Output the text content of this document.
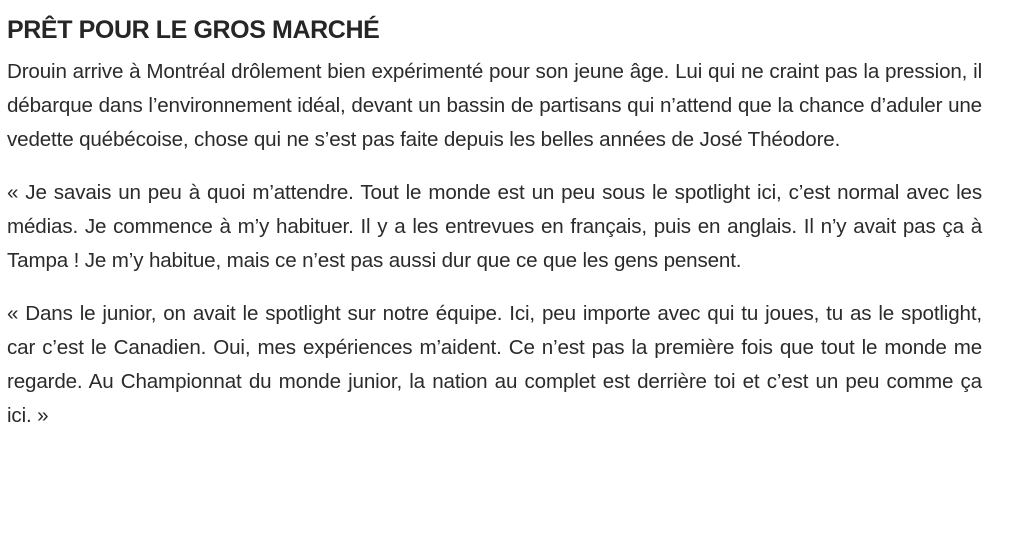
PRÊT POUR LE GROS MARCHÉ

Drouin arrive à Montréal drôlement bien expérimenté pour son jeune âge. Lui qui ne craint pas la pression, il débarque dans l’environnement idéal, devant un bassin de partisans qui n’attend que la chance d’aduler une vedette québécoise, chose qui ne s’est pas faite depuis les belles années de José Théodore.

« Je savais un peu à quoi m’attendre. Tout le monde est un peu sous le spotlight ici, c’est normal avec les médias. Je commence à m’y habituer. Il y a les entrevues en français, puis en anglais. Il n’y avait pas ça à Tampa ! Je m’y habitue, mais ce n’est pas aussi dur que ce que les gens pensent.

« Dans le junior, on avait le spotlight sur notre équipe. Ici, peu importe avec qui tu joues, tu as le spotlight, car c’est le Canadien. Oui, mes expériences m’aident. Ce n’est pas la première fois que tout le monde me regarde. Au Championnat du monde junior, la nation au complet est derrière toi et c’est un peu comme ça ici. »
